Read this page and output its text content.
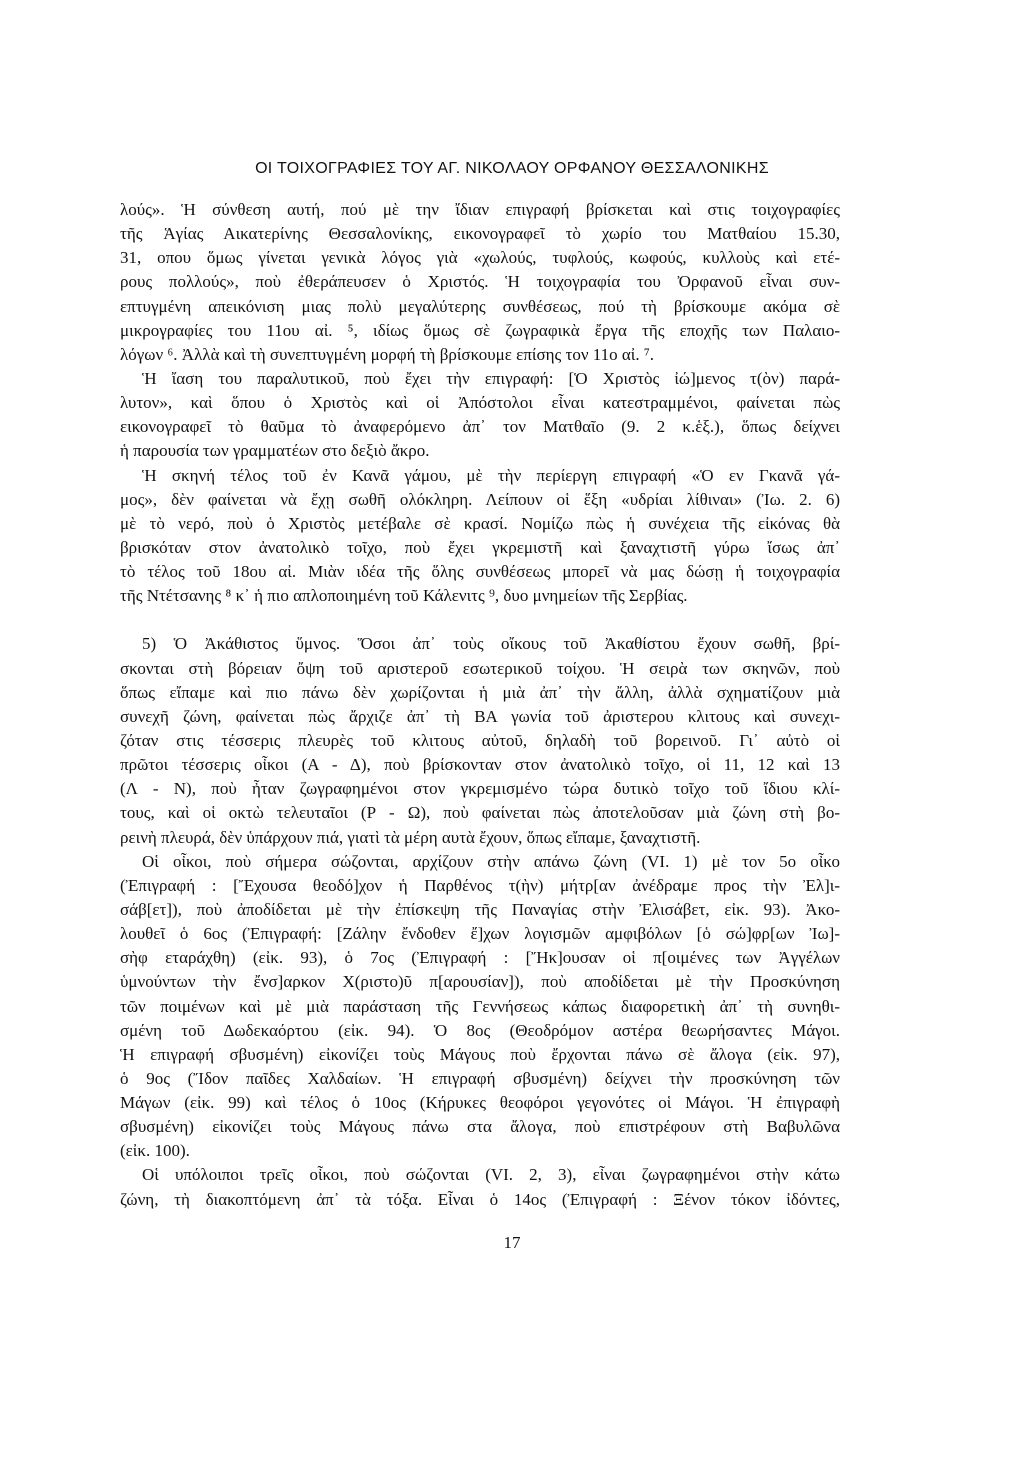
ΟΙ ΤΟΙΧΟΓΡΑΦΙΕΣ ΤΟΥ ΑΓ. ΝΙΚΟΛΑΟΥ ΟΡΦΑΝΟΥ ΘΕΣΣΑΛΟΝΙΚΗΣ
λούς». Ἡ σύνθεση αυτή, πού μὲ την ἴδιαν επιγραφή βρίσκεται καὶ στις τοιχογραφίες
τῆς Ἁγίας Αικατερίνης Θεσσαλονίκης, εικονογραφεῖ τὸ χωρίο του Ματθαίου 15.30,
31, οπου ὅμως γίνεται γενικὰ λόγος γιὰ «χωλούς, τυφλούς, κωφούς, κυλλοὺς καὶ ετέ-
ρους πολλούς», ποὺ ἐθεράπευσεν ὁ Χριστός. Ἡ τοιχογραφία του Ὀρφανοῦ εἶναι συν-
επτυγμένη απεικόνιση μιας πολὺ μεγαλύτερης συνθέσεως, πού τὴ βρίσκουμε ακόμα σὲ
μικρογραφίες του 11ου αἰ. ⁵, ιδίως ὅμως σὲ ζωγραφικὰ ἔργα τῆς εποχῆς των Παλαιο-
λόγων ⁶. Ἀλλὰ καὶ τὴ συνεπτυγμένη μορφή τὴ βρίσκουμε επίσης τον 11ο αἰ. ⁷.
Ἡ ἴαση του παραλυτικοῦ, ποὺ ἔχει τὴν επιγραφή: [Ὁ Χριστὸς ἰώ]μενος τ(ὸν) παρά-
λυτον», καὶ ὅπου ὁ Χριστὸς καὶ οἱ Ἀπόστολοι εἶναι κατεστραμμένοι, φαίνεται πὼς
εικονογραφεῖ τὸ θαῦμα τὸ ἀναφερόμενο ἀπ᾽ τον Ματθαῖο (9. 2 κ.ἑξ.), ὅπως δείχνει
ἡ παρουσία των γραμματέων στο δεξιὸ ἄκρο.
Ἡ σκηνή τέλος τοῦ ἐν Κανᾶ γάμου, μὲ τὴν περίεργη επιγραφή «Ὁ εν Γκανᾶ γά-
μος», δὲν φαίνεται νὰ ἔχῃ σωθῆ ολόκληρη. Λείπουν οἱ ἕξη «υδρίαι λίθιναι» (Ἰω. 2. 6)
μὲ τὸ νερό, ποὺ ὁ Χριστὸς μετέβαλε σὲ κρασί. Νομίζω πὼς ἡ συνέχεια τῆς εἰκόνας θὰ
βρισκόταν στον ἀνατολικὸ τοῖχο, ποὺ ἔχει γκρεμιστῆ καὶ ξαναχτιστῆ γύρω ἴσως ἀπ᾽
τὸ τέλος τοῦ 18ου αἰ. Μιὰν ιδέα τῆς ὅλης συνθέσεως μπορεῖ νὰ μας δώσῃ ἡ τοιχογραφία
τῆς Ντέτσανης ⁸ κ᾽ ἡ πιο απλοποιημένη τοῦ Κάλενιτς ⁹, δυο μνημείων τῆς Σερβίας.
5) Ὁ Ἀκάθιστος ὕμνος. Ὅσοι ἀπ᾽ τοὺς οἴκους τοῦ Ἀκαθίστου ἔχουν σωθῆ, βρί-
σκονται στὴ βόρειαν ὄψη τοῦ αριστεροῦ εσωτερικοῦ τοίχου. Ἡ σειρὰ των σκηνῶν, ποὺ
ὅπως εἴπαμε καὶ πιο πάνω δὲν χωρίζονται ἡ μιὰ ἀπ᾽ τὴν ἄλλη, ἀλλὰ σχηματίζουν μιὰ
συνεχῆ ζώνη, φαίνεται πὼς ἄρχιζε ἀπ᾽ τὴ ΒΑ γωνία τοῦ ἀριστερου κλιτους καὶ συνεχι-
ζόταν στις τέσσερις πλευρὲς τοῦ κλιτους αὐτοῦ, δηλαδὴ τοῦ βορεινοῦ. Γι᾽ αὐτὸ οἱ
πρῶτοι τέσσερις οἶκοι (Α - Δ), ποὺ βρίσκονταν στον ἀνατολικὸ τοῖχο, οἱ 11, 12 καὶ 13
(Λ - Ν), ποὺ ἦταν ζωγραφημένοι στον γκρεμισμένο τώρα δυτικὸ τοῖχο τοῦ ἴδιου κλί-
τους, καὶ οἱ οκτὼ τελευταῖοι (Ρ - Ω), ποὺ φαίνεται πὼς ἀποτελοῦσαν μιὰ ζώνη στὴ βο-
ρεινὴ πλευρά, δὲν ὑπάρχουν πιά, γιατὶ τὰ μέρη αυτὰ ἔχουν, ὅπως εἴπαμε, ξαναχτιστῆ.
Οἱ οἶκοι, ποὺ σήμερα σώζονται, αρχίζουν στὴν απάνω ζώνη (VI. 1) μὲ τον 5ο οἶκο
(Ἐπιγραφή : [Ἔχουσα θεοδό]χον ἡ Παρθένος τ(ὴν) μήτρ[αν ἀνέδραμε προς τὴν Ἐλ]ι-
σάβ[ετ]), ποὺ ἀποδίδεται μὲ τὴν ἐπίσκεψη τῆς Παναγίας στὴν Ἐλισάβετ, εἰκ. 93). Ἀκο-
λουθεῖ ὁ 6ος (Ἐπιγραφή: [Ζάλην ἔνδοθεν ἔ]χων λογισμῶν αμφιβόλων [ὁ σώ]φρ[ων Ἰω]-
σὴφ εταράχθη) (εἰκ. 93), ὁ 7ος (Ἐπιγραφή : [Ἤκ]ουσαν οἱ π[οιμένες των Ἀγγέλων
ὑμνούντων τὴν ἔνσ]αρκον Χ(ριστο)ῦ π[αρουσίαν]), ποὺ αποδίδεται μὲ τὴν Προσκύνηση
τῶν ποιμένων καὶ μὲ μιὰ παράσταση τῆς Γεννήσεως κάπως διαφορετικὴ ἀπ᾽ τὴ συνηθι-
σμένη τοῦ Δωδεκαόρτου (εἰκ. 94). Ὁ 8ος (Θεοδρόμον αστέρα θεωρήσαντες Μάγοι.
Ἡ επιγραφή σβυσμένη) εἰκονίζει τοὺς Μάγους ποὺ ἔρχονται πάνω σὲ ἄλογα (εἰκ. 97),
ὁ 9ος (Ἴδον παῖδες Χαλδαίων. Ἡ επιγραφή σβυσμένη) δείχνει τὴν προσκύνηση τῶν
Μάγων (εἰκ. 99) καὶ τέλος ὁ 10ος (Κήρυκες θεοφόροι γεγονότες οἱ Μάγοι. Ἡ ἐπιγραφὴ
σβυσμένη) εἰκονίζει τοὺς Μάγους πάνω στα ἄλογα, ποὺ επιστρέφουν στὴ Βαβυλῶνα
(εἰκ. 100).
Οἱ υπόλοιποι τρεῖς οἶκοι, ποὺ σώζονται (VI. 2, 3), εἶναι ζωγραφημένοι στὴν κάτω
ζώνη, τὴ διακοπτόμενη ἀπ᾽ τὰ τόξα. Εἶναι ὁ 14ος (Ἐπιγραφή : Ξένον τόκον ἰδόντες,
17
